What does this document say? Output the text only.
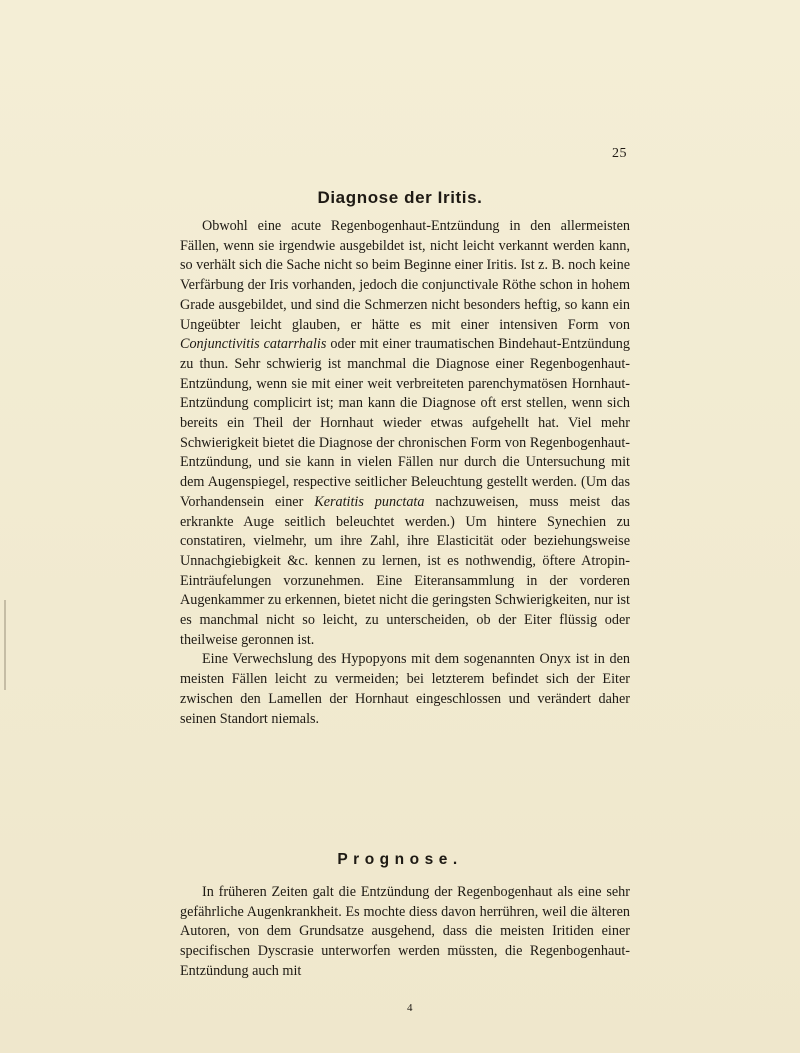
25
Diagnose der Iritis.

Obwohl eine acute Regenbogenhaut-Entzündung in den allermeisten Fällen, wenn sie irgendwie ausgebildet ist, nicht leicht verkannt werden kann, so verhält sich die Sache nicht so beim Beginne einer Iritis. Ist z. B. noch keine Verfärbung der Iris vorhanden, jedoch die conjunctivale Röthe schon in hohem Grade ausgebildet, und sind die Schmerzen nicht besonders heftig, so kann ein Ungeübter leicht glauben, er hätte es mit einer intensiven Form von Conjunctivitis catarrhalis oder mit einer traumatischen Bindehaut-Entzündung zu thun. Sehr schwierig ist manchmal die Diagnose einer Regenbogenhaut-Entzündung, wenn sie mit einer weit verbreiteten parenchymatösen Hornhaut-Entzündung complicirt ist; man kann die Diagnose oft erst stellen, wenn sich bereits ein Theil der Hornhaut wieder etwas aufgehellt hat. Viel mehr Schwierigkeit bietet die Diagnose der chronischen Form von Regenbogenhaut-Entzündung, und sie kann in vielen Fällen nur durch die Untersuchung mit dem Augenspiegel, respective seitlicher Beleuchtung gestellt werden. (Um das Vorhandensein einer Keratitis punctata nachzuweisen, muss meist das erkrankte Auge seitlich beleuchtet werden.) Um hintere Synechien zu constatiren, vielmehr, um ihre Zahl, ihre Elasticität oder beziehungsweise Unnachgiebigkeit &c. kennen zu lernen, ist es nothwendig, öftere Atropin-Einträufelungen vorzunehmen. Eine Eiteransammlung in der vorderen Augenkammer zu erkennen, bietet nicht die geringsten Schwierigkeiten, nur ist es manchmal nicht so leicht, zu unterscheiden, ob der Eiter flüssig oder theilweise geronnen ist.

Eine Verwechslung des Hypopyons mit dem sogenannten Onyx ist in den meisten Fällen leicht zu vermeiden; bei letzterem befindet sich der Eiter zwischen den Lamellen der Hornhaut eingeschlossen und verändert daher seinen Standort niemals.

Prognose.

In früheren Zeiten galt die Entzündung der Regenbogenhaut als eine sehr gefährliche Augenkrankheit. Es mochte diess davon herrühren, weil die älteren Autoren, von dem Grundsatze ausgehend, dass die meisten Iritiden einer specifischen Dyscrasie unterworfen werden müssten, die Regenbogenhaut-Entzündung auch mit

4
